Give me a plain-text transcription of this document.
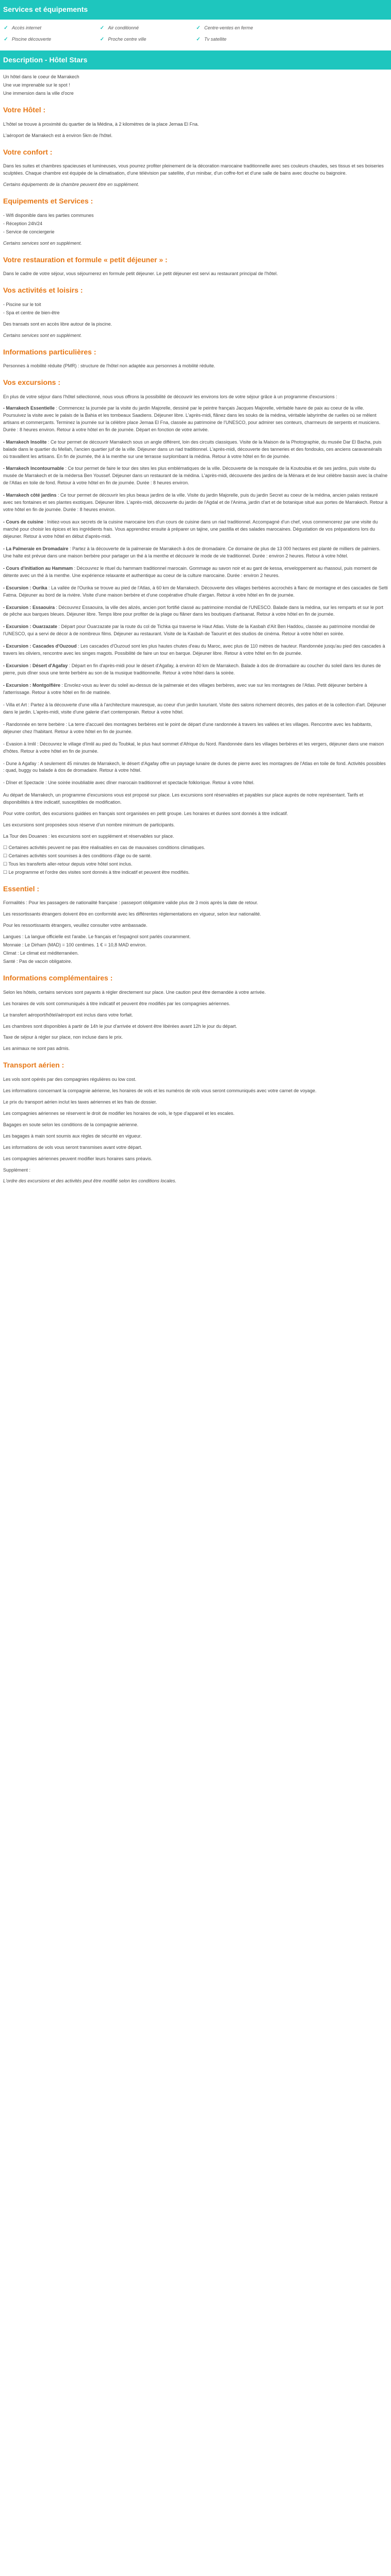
Services et équipements
✓ Accès internet	✓ Air conditionné	✓ Centre-ventes en ferme
✓ Piscine découverte	✓ Proche centre ville	✓ Tv satellite
Description - Hôtel Stars

Un hôtel dans le coeur de Marrakech

Une vue imprenable sur le spot !

Une immersion dans la ville d'ocre

Votre Hôtel :

L'hôtel se trouve à proximité du quartier de la Médina, à 2 kilomètres de la place Jemaa El Fna.

L'aéroport de Marrakech est à environ 5km de l'hôtel.

Votre confort :

Dans les suites et chambres spacieuses et lumineuses, vous pourrez profiter pleinement de la décoration marocaine traditionnelle avec ses couleurs chaudes, ses tissus et ses boiseries sculptées. Chaque chambre est équipée de la climatisation, d'une télévision par satellite, d'un minibar, d'un coffre-fort et d'une salle de bains avec douche ou baignoire.

Certains équipements de la chambre peuvent être en supplément.

Equipements et Services :

- Wifi disponible dans les parties communes

- Réception 24h/24

- Service de conciergerie

Certains services sont en supplément.

Votre restauration et formule « petit déjeuner » :

Dans le cadre de votre séjour, vous séjournerez en formule petit déjeuner. Le petit déjeuner est servi au restaurant principal de l'hôtel.

Vos activités et loisirs :

- Piscine sur le toit

- Spa et centre de bien-être

Des transats sont en accès libre autour de la piscine.

Certains services sont en supplément.

Informations particulières :

Personnes à mobilité réduite (PMR) : structure de l'hôtel non adaptée aux personnes à mobilité réduite.

Vos excursions :

En plus de votre séjour dans l'hôtel sélectionné, nous vous offrons la possibilité de découvrir les environs lors de votre séjour grâce à un programme d'excursions :

- Marrakech Essentielle : Commencez la journée par la visite du jardin Majorelle, dessiné par le peintre français Jacques Majorelle, véritable havre de paix au coeur de la ville. Poursuivez la visite avec le palais de la Bahia et les tombeaux Saadiens. Déjeuner libre. L'après-midi, flânez dans les souks de la médina, véritable labyrinthe de ruelles où se mêlent artisans et commerçants. Terminez la journée sur la célèbre place Jemaa El Fna, classée au patrimoine de l'UNESCO, pour admirer ses conteurs, charmeurs de serpents et musiciens. Durée : 8 heures environ. Retour à votre hôtel en fin de journée. Départ en fonction de votre arrivée.

- Marrakech Insolite : Ce tour permet de découvrir Marrakech sous un angle différent, loin des circuits classiques. Visite de la Maison de la Photographie, du musée Dar El Bacha, puis balade dans le quartier du Mellah, l'ancien quartier juif de la ville. Déjeuner dans un riad traditionnel. L'après-midi, découverte des tanneries et des fondouks, ces anciens caravansérails où travaillent les artisans. En fin de journée, thé à la menthe sur une terrasse surplombant la médina. Retour à votre hôtel en fin de journée.

- Marrakech Incontournable : Ce tour permet de faire le tour des sites les plus emblématiques de la ville. Découverte de la mosquée de la Koutoubia et de ses jardins, puis visite du musée de Marrakech et de la médersa Ben Youssef. Déjeuner dans un restaurant de la médina. L'après-midi, découverte des jardins de la Ménara et de leur célèbre bassin avec la chaîne de l'Atlas en toile de fond. Retour à votre hôtel en fin de journée. Durée : 8 heures environ.

- Marrakech côté jardins : Ce tour permet de découvrir les plus beaux jardins de la ville. Visite du jardin Majorelle, puis du jardin Secret au coeur de la médina, ancien palais restauré avec ses fontaines et ses plantes exotiques. Déjeuner libre. L'après-midi, découverte du jardin de l'Agdal et de l'Anima, jardin d'art et de botanique situé aux portes de Marrakech. Retour à votre hôtel en fin de journée. Durée : 8 heures environ.

- Cours de cuisine : Initiez-vous aux secrets de la cuisine marocaine lors d'un cours de cuisine dans un riad traditionnel. Accompagné d'un chef, vous commencerez par une visite du marché pour choisir les épices et les ingrédients frais. Vous apprendrez ensuite à préparer un tajine, une pastilla et des salades marocaines. Dégustation de vos préparations lors du déjeuner. Retour à votre hôtel en début d'après-midi.

- La Palmeraie en Dromadaire : Partez à la découverte de la palmeraie de Marrakech à dos de dromadaire. Ce domaine de plus de 13 000 hectares est planté de milliers de palmiers. Une halte est prévue dans une maison berbère pour partager un thé à la menthe et découvrir le mode de vie traditionnel. Durée : environ 2 heures. Retour à votre hôtel.

- Cours d'initiation au Hammam : Découvrez le rituel du hammam traditionnel marocain. Gommage au savon noir et au gant de kessa, enveloppement au rhassoul, puis moment de détente avec un thé à la menthe. Une expérience relaxante et authentique au coeur de la culture marocaine. Durée : environ 2 heures.

- Escursion : Ourika : La vallée de l'Ourika se trouve au pied de l'Atlas, à 60 km de Marrakech. Découverte des villages berbères accrochés à flanc de montagne et des cascades de Setti Fatma. Déjeuner au bord de la rivière. Visite d'une maison berbère et d'une coopérative d'huile d'argan. Retour à votre hôtel en fin de journée.

- Excursion : Essaouira : Découvrez Essaouira, la ville des alizés, ancien port fortifié classé au patrimoine mondial de l'UNESCO. Balade dans la médina, sur les remparts et sur le port de pêche aux barques bleues. Déjeuner libre. Temps libre pour profiter de la plage ou flâner dans les boutiques d'artisanat. Retour à votre hôtel en fin de journée.

- Excursion : Ouarzazate : Départ pour Ouarzazate par la route du col de Tichka qui traverse le Haut Atlas. Visite de la Kasbah d'Aït Ben Haddou, classée au patrimoine mondial de l'UNESCO, qui a servi de décor à de nombreux films. Déjeuner au restaurant. Visite de la Kasbah de Taourirt et des studios de cinéma. Retour à votre hôtel en soirée.

- Excursion : Cascades d'Ouzoud : Les cascades d'Ouzoud sont les plus hautes chutes d'eau du Maroc, avec plus de 110 mètres de hauteur. Randonnée jusqu'au pied des cascades à travers les oliviers, rencontre avec les singes magots. Possibilité de faire un tour en barque. Déjeuner libre. Retour à votre hôtel en fin de journée.

- Excursion : Désert d'Agafay : Départ en fin d'après-midi pour le désert d'Agafay, à environ 40 km de Marrakech. Balade à dos de dromadaire au coucher du soleil dans les dunes de pierre, puis dîner sous une tente berbère au son de la musique traditionnelle. Retour à votre hôtel dans la soirée.

- Excursion : Montgolfière : Envolez-vous au lever du soleil au-dessus de la palmeraie et des villages berbères, avec vue sur les montagnes de l'Atlas. Petit déjeuner berbère à l'atterrissage. Retour à votre hôtel en fin de matinée.

- Villa et Art : Partez à la découverte d'une villa à l'architecture mauresque, au coeur d'un jardin luxuriant. Visite des salons richement décorés, des patios et de la collection d'art. Déjeuner dans le jardin. L'après-midi, visite d'une galerie d'art contemporain. Retour à votre hôtel.

- Randonnée en terre berbère : La terre d'accueil des montagnes berbères est le point de départ d'une randonnée à travers les vallées et les villages. Rencontre avec les habitants, déjeuner chez l'habitant. Retour à votre hôtel en fin de journée.

- Evasion à Imlil : Découvrez le village d'Imlil au pied du Toubkal, le plus haut sommet d'Afrique du Nord. Randonnée dans les villages berbères et les vergers, déjeuner dans une maison d'hôtes. Retour à votre hôtel en fin de journée.

- Dune à Agafay : A seulement 45 minutes de Marrakech, le désert d'Agafay offre un paysage lunaire de dunes de pierre avec les montagnes de l'Atlas en toile de fond. Activités possibles : quad, buggy ou balade à dos de dromadaire. Retour à votre hôtel.

- Dîner et Spectacle : Une soirée inoubliable avec dîner marocain traditionnel et spectacle folklorique. Retour à votre hôtel.

Au départ de Marrakech, un programme d'excursions vous est proposé sur place. Les excursions sont réservables et payables sur place auprès de notre représentant. Tarifs et disponibilités à titre indicatif, susceptibles de modification.

Pour votre confort, des excursions guidées en français sont organisées en petit groupe. Les horaires et durées sont donnés à titre indicatif.

Les excursions sont proposées sous réserve d'un nombre minimum de participants.

La Tour des Douanes : les excursions sont en supplément et réservables sur place.

☐ Certaines activités peuvent ne pas être réalisables en cas de mauvaises conditions climatiques.

☐ Certaines activités sont soumises à des conditions d'âge ou de santé.

☐ Tous les transferts aller-retour depuis votre hôtel sont inclus.

☐ Le programme et l'ordre des visites sont donnés à titre indicatif et peuvent être modifiés.

Essentiel :

Formalités : Pour les passagers de nationalité française : passeport obligatoire valide plus de 3 mois après la date de retour.

Les ressortissants étrangers doivent être en conformité avec les différentes réglementations en vigueur, selon leur nationalité.

Pour les ressortissants étrangers, veuillez consulter votre ambassade.

Langues : La langue officielle est l'arabe. Le français et l'espagnol sont parlés couramment.

Monnaie : Le Dirham (MAD) = 100 centimes. 1 € = 10,8 MAD environ.

Climat : Le climat est méditerranéen.

Santé : Pas de vaccin obligatoire.

Informations complémentaires :

Selon les hôtels, certains services sont payants à régler directement sur place. Une caution peut être demandée à votre arrivée.

Les horaires de vols sont communiqués à titre indicatif et peuvent être modifiés par les compagnies aériennes.

Le transfert aéroport/hôtel/aéroport est inclus dans votre forfait.

Les chambres sont disponibles à partir de 14h le jour d'arrivée et doivent être libérées avant 12h le jour du départ.

Taxe de séjour à régler sur place, non incluse dans le prix.

Les animaux ne sont pas admis.

Transport aérien :

Les vols sont opérés par des compagnies régulières ou low cost.

Les informations concernant la compagnie aérienne, les horaires de vols et les numéros de vols vous seront communiqués avec votre carnet de voyage.

Le prix du transport aérien inclut les taxes aériennes et les frais de dossier.

Les compagnies aériennes se réservent le droit de modifier les horaires de vols, le type d'appareil et les escales.

Bagages en soute selon les conditions de la compagnie aérienne.

Les bagages à main sont soumis aux règles de sécurité en vigueur.

Les informations de vols vous seront transmises avant votre départ.

Les compagnies aériennes peuvent modifier leurs horaires sans préavis.

Supplément :

L'ordre des excursions et des activités peut être modifié selon les conditions locales.
